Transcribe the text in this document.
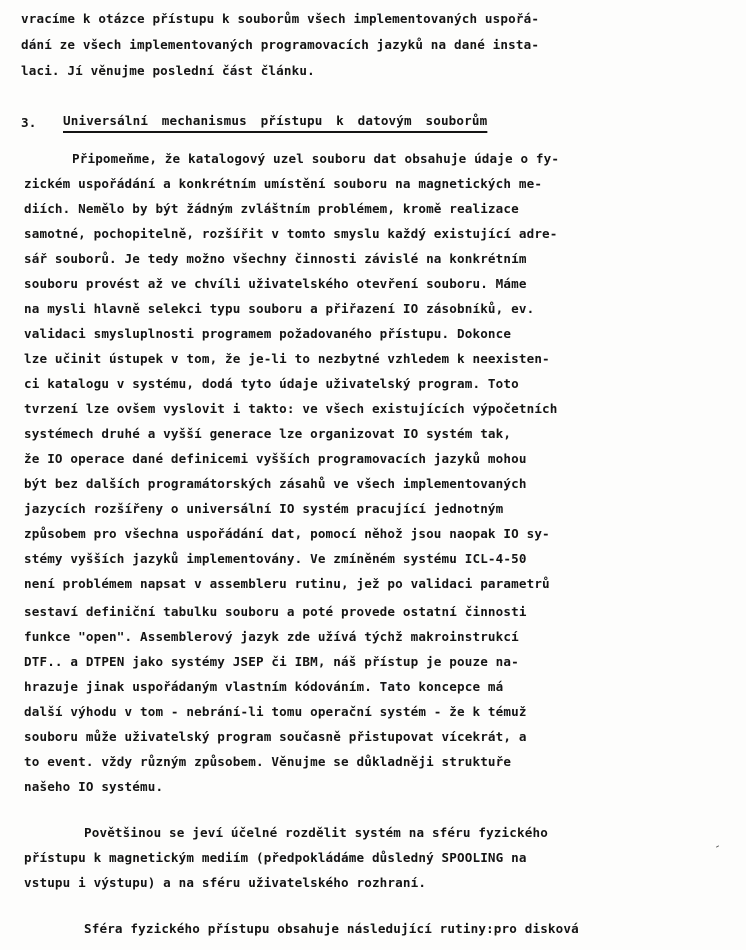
vracíme k otázce přístupu k souborům všech implementovaných uspořá-
dání ze všech implementovaných programovacích jazyků na dané insta-
laci. Jí věnujme poslední část článku.
3. Universální mechanismus přístupu k datovým souborům
Připomeňme, že katalogový uzel souboru dat obsahuje údaje o fy-
zickém uspořádání a konkrétním umístění souboru na magnetických me-
diích. Nemělo by být žádným zvláštním problémem, kromě realizace
samotné, pochopitelně, rozšířit v tomto smyslu každý existující adre-
sář souborů. Je tedy možno všechny činnosti závislé na konkrétním
souboru provést až ve chvíli uživatelského otevření souboru. Máme
na mysli hlavně selekci typu souboru a přiřazení IO zásobníků, ev.
validaci smysluplnosti programem požadovaného přístupu. Dokonce
lze učinit ústupek v tom, že je-li to nezbytné vzhledem k neexisten-
ci katalogu v systému, dodá tyto údaje uživatelský program. Toto
tvrzení lze ovšem vyslovit i takto: ve všech existujících výpočetních
systémech druhé a vyšší generace lze organizovat IO systém tak,
že IO operace dané definicemi vyšších programovacích jazyků mohou
být bez dalších programátorských zásahů ve všech implementovaných
jazycích rozšířeny o universální IO systém pracující jednotným
způsobem pro všechna uspořádání dat, pomocí něhož jsou naopak IO sy-
stémy vyšších jazyků implementovány. Ve zmíněném systému ICL-4-50
není problémem napsat v assembleru rutinu, jež po validaci parametrů
sestaví definiční tabulku souboru a poté provede ostatní činnosti
funkce "open". Assemblerový jazyk zde užívá týchž makroinstrukcí
DTF.. a DTPEN jako systémy JSEP či IBM, náš přístup je pouze na-
hrazuje jinak uspořádaným vlastním kódováním. Tato koncepce má
další výhodu v tom - nebrání-li tomu operační systém - že k témuž
souboru může uživatelský program současně přistupovat vícekrát, a
to event. vždy různým způsobem. Věnujme se důkladněji struktuře
našeho IO systému.
Povětšinou se jeví účelné rozdělit systém na sféru fyzického
přístupu k magnetickým mediím (předpokládáme důsledný SPOOLING na
vstupu i výstupu) a na sféru uživatelského rozhraní.
Sféra fyzického přístupu obsahuje následující rutiny:pro disková
